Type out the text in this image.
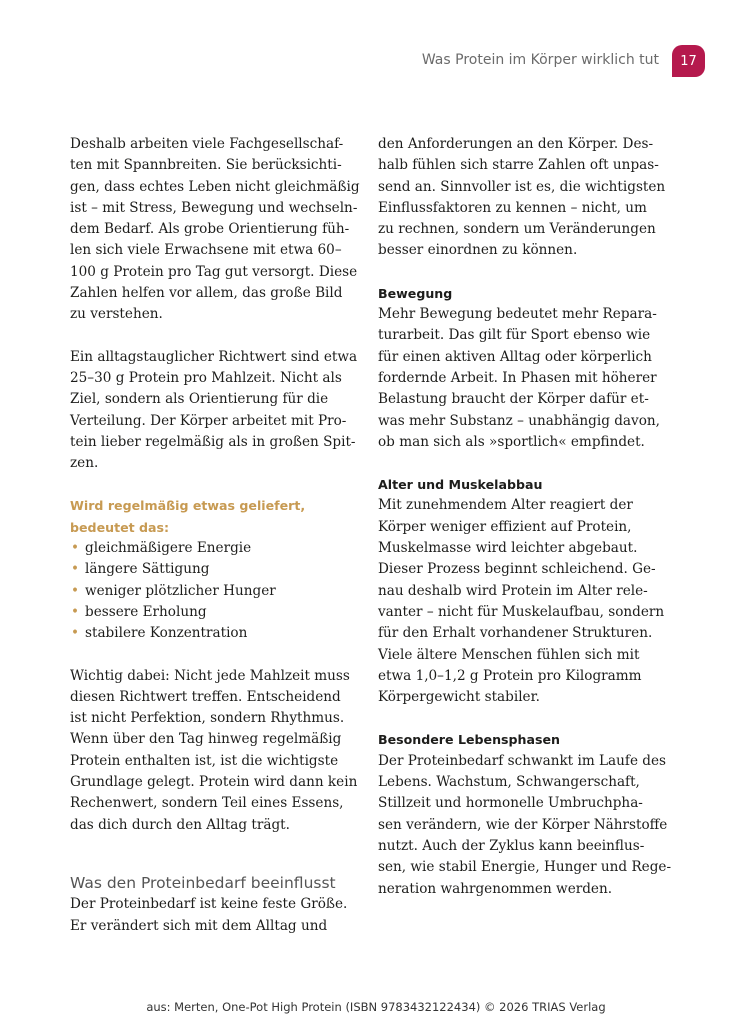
Was Protein im Körper wirklich tut	17
Deshalb arbeiten viele Fachgesellschaf-
ten mit Spannbreiten. Sie berücksichti-
gen, dass echtes Leben nicht gleichmäßig
ist – mit Stress, Bewegung und wechseln-
dem Bedarf. Als grobe Orientierung füh-
len sich viele Erwachsene mit etwa 60–
100 g Protein pro Tag gut versorgt. Diese
Zahlen helfen vor allem, das große Bild
zu verstehen.
Ein alltagstauglicher Richtwert sind etwa
25–30 g Protein pro Mahlzeit. Nicht als
Ziel, sondern als Orientierung für die
Verteilung. Der Körper arbeitet mit Pro-
tein lieber regelmäßig als in großen Spit-
zen.
Wird regelmäßig etwas geliefert,
bedeutet das:
• gleichmäßigere Energie
• längere Sättigung
• weniger plötzlicher Hunger
• bessere Erholung
• stabilere Konzentration
Wichtig dabei: Nicht jede Mahlzeit muss
diesen Richtwert treffen. Entscheidend
ist nicht Perfektion, sondern Rhythmus.
Wenn über den Tag hinweg regelmäßig
Protein enthalten ist, ist die wichtigste
Grundlage gelegt. Protein wird dann kein
Rechenwert, sondern Teil eines Essens,
das dich durch den Alltag trägt.
Was den Proteinbedarf beeinflusst
Der Proteinbedarf ist keine feste Größe.
Er verändert sich mit dem Alltag und
den Anforderungen an den Körper. Des-
halb fühlen sich starre Zahlen oft unpas-
send an. Sinnvoller ist es, die wichtigsten
Einflussfaktoren zu kennen – nicht, um
zu rechnen, sondern um Veränderungen
besser einordnen zu können.
Bewegung
Mehr Bewegung bedeutet mehr Repara-
turarbeit. Das gilt für Sport ebenso wie
für einen aktiven Alltag oder körperlich
fordernde Arbeit. In Phasen mit höherer
Belastung braucht der Körper dafür et-
was mehr Substanz – unabhängig davon,
ob man sich als »sportlich« empfindet.
Alter und Muskelabbau
Mit zunehmendem Alter reagiert der
Körper weniger effizient auf Protein,
Muskelmasse wird leichter abgebaut.
Dieser Prozess beginnt schleichend. Ge-
nau deshalb wird Protein im Alter rele-
vanter – nicht für Muskelaufbau, sondern
für den Erhalt vorhandener Strukturen.
Viele ältere Menschen fühlen sich mit
etwa 1,0–1,2 g Protein pro Kilogramm
Körpergewicht stabiler.
Besondere Lebensphasen
Der Proteinbedarf schwankt im Laufe des
Lebens. Wachstum, Schwangerschaft,
Stillzeit und hormonelle Umbruchpha-
sen verändern, wie der Körper Nährstoffe
nutzt. Auch der Zyklus kann beeinflus-
sen, wie stabil Energie, Hunger und Rege-
neration wahrgenommen werden.
aus: Merten, One-Pot High Protein (ISBN 9783432122434) © 2026 TRIAS Verlag
